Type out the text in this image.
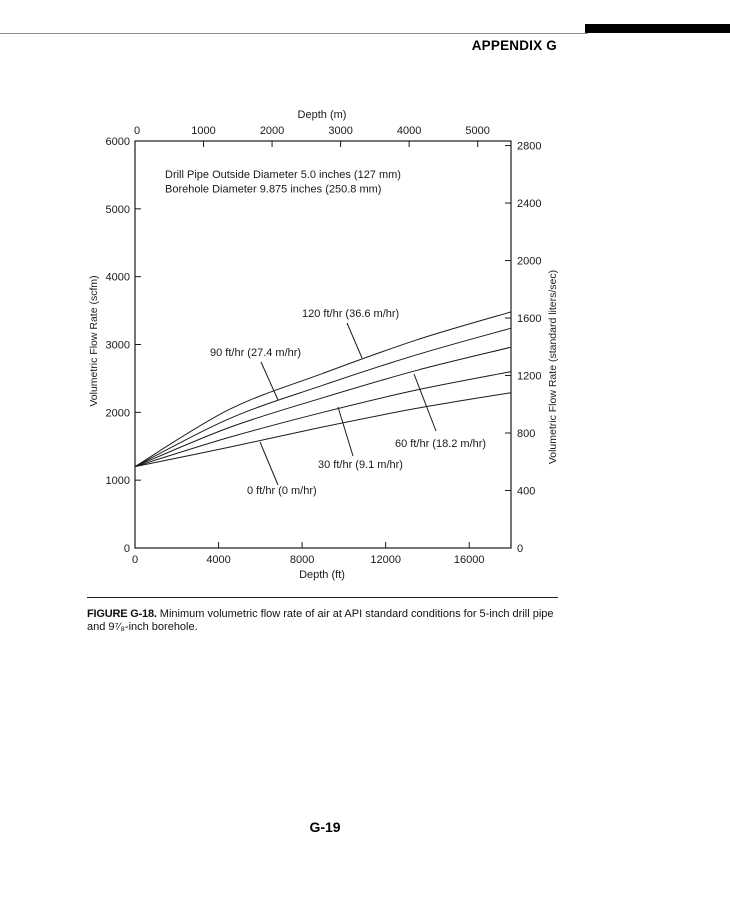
APPENDIX G
0	4000	8000	12000	16000
Depth (ft)
0	1000	2000	3000	4000	5000
Depth (m)
0
1000
2000
3000
4000
5000
6000
Volumetric Flow Rate (scfm)
0
400
800
1200
1600
2000
2400
2800
Volumetric Flow Rate (standard liters/sec)
Drill Pipe Outside Diameter 5.0 inches (127 mm)
Borehole Diameter 9.875 inches (250.8 mm)
120 ft/hr (36.6 m/hr)
90 ft/hr (27.4 m/hr)
60 ft/hr (18.2 m/hr)
30 ft/hr (9.1 m/hr)
0 ft/hr (0 m/hr)
FIGURE G-18. Minimum volumetric flow rate of air at API standard conditions for 5-inch drill pipe and 9⁷⁄₈-inch borehole.
G-19
